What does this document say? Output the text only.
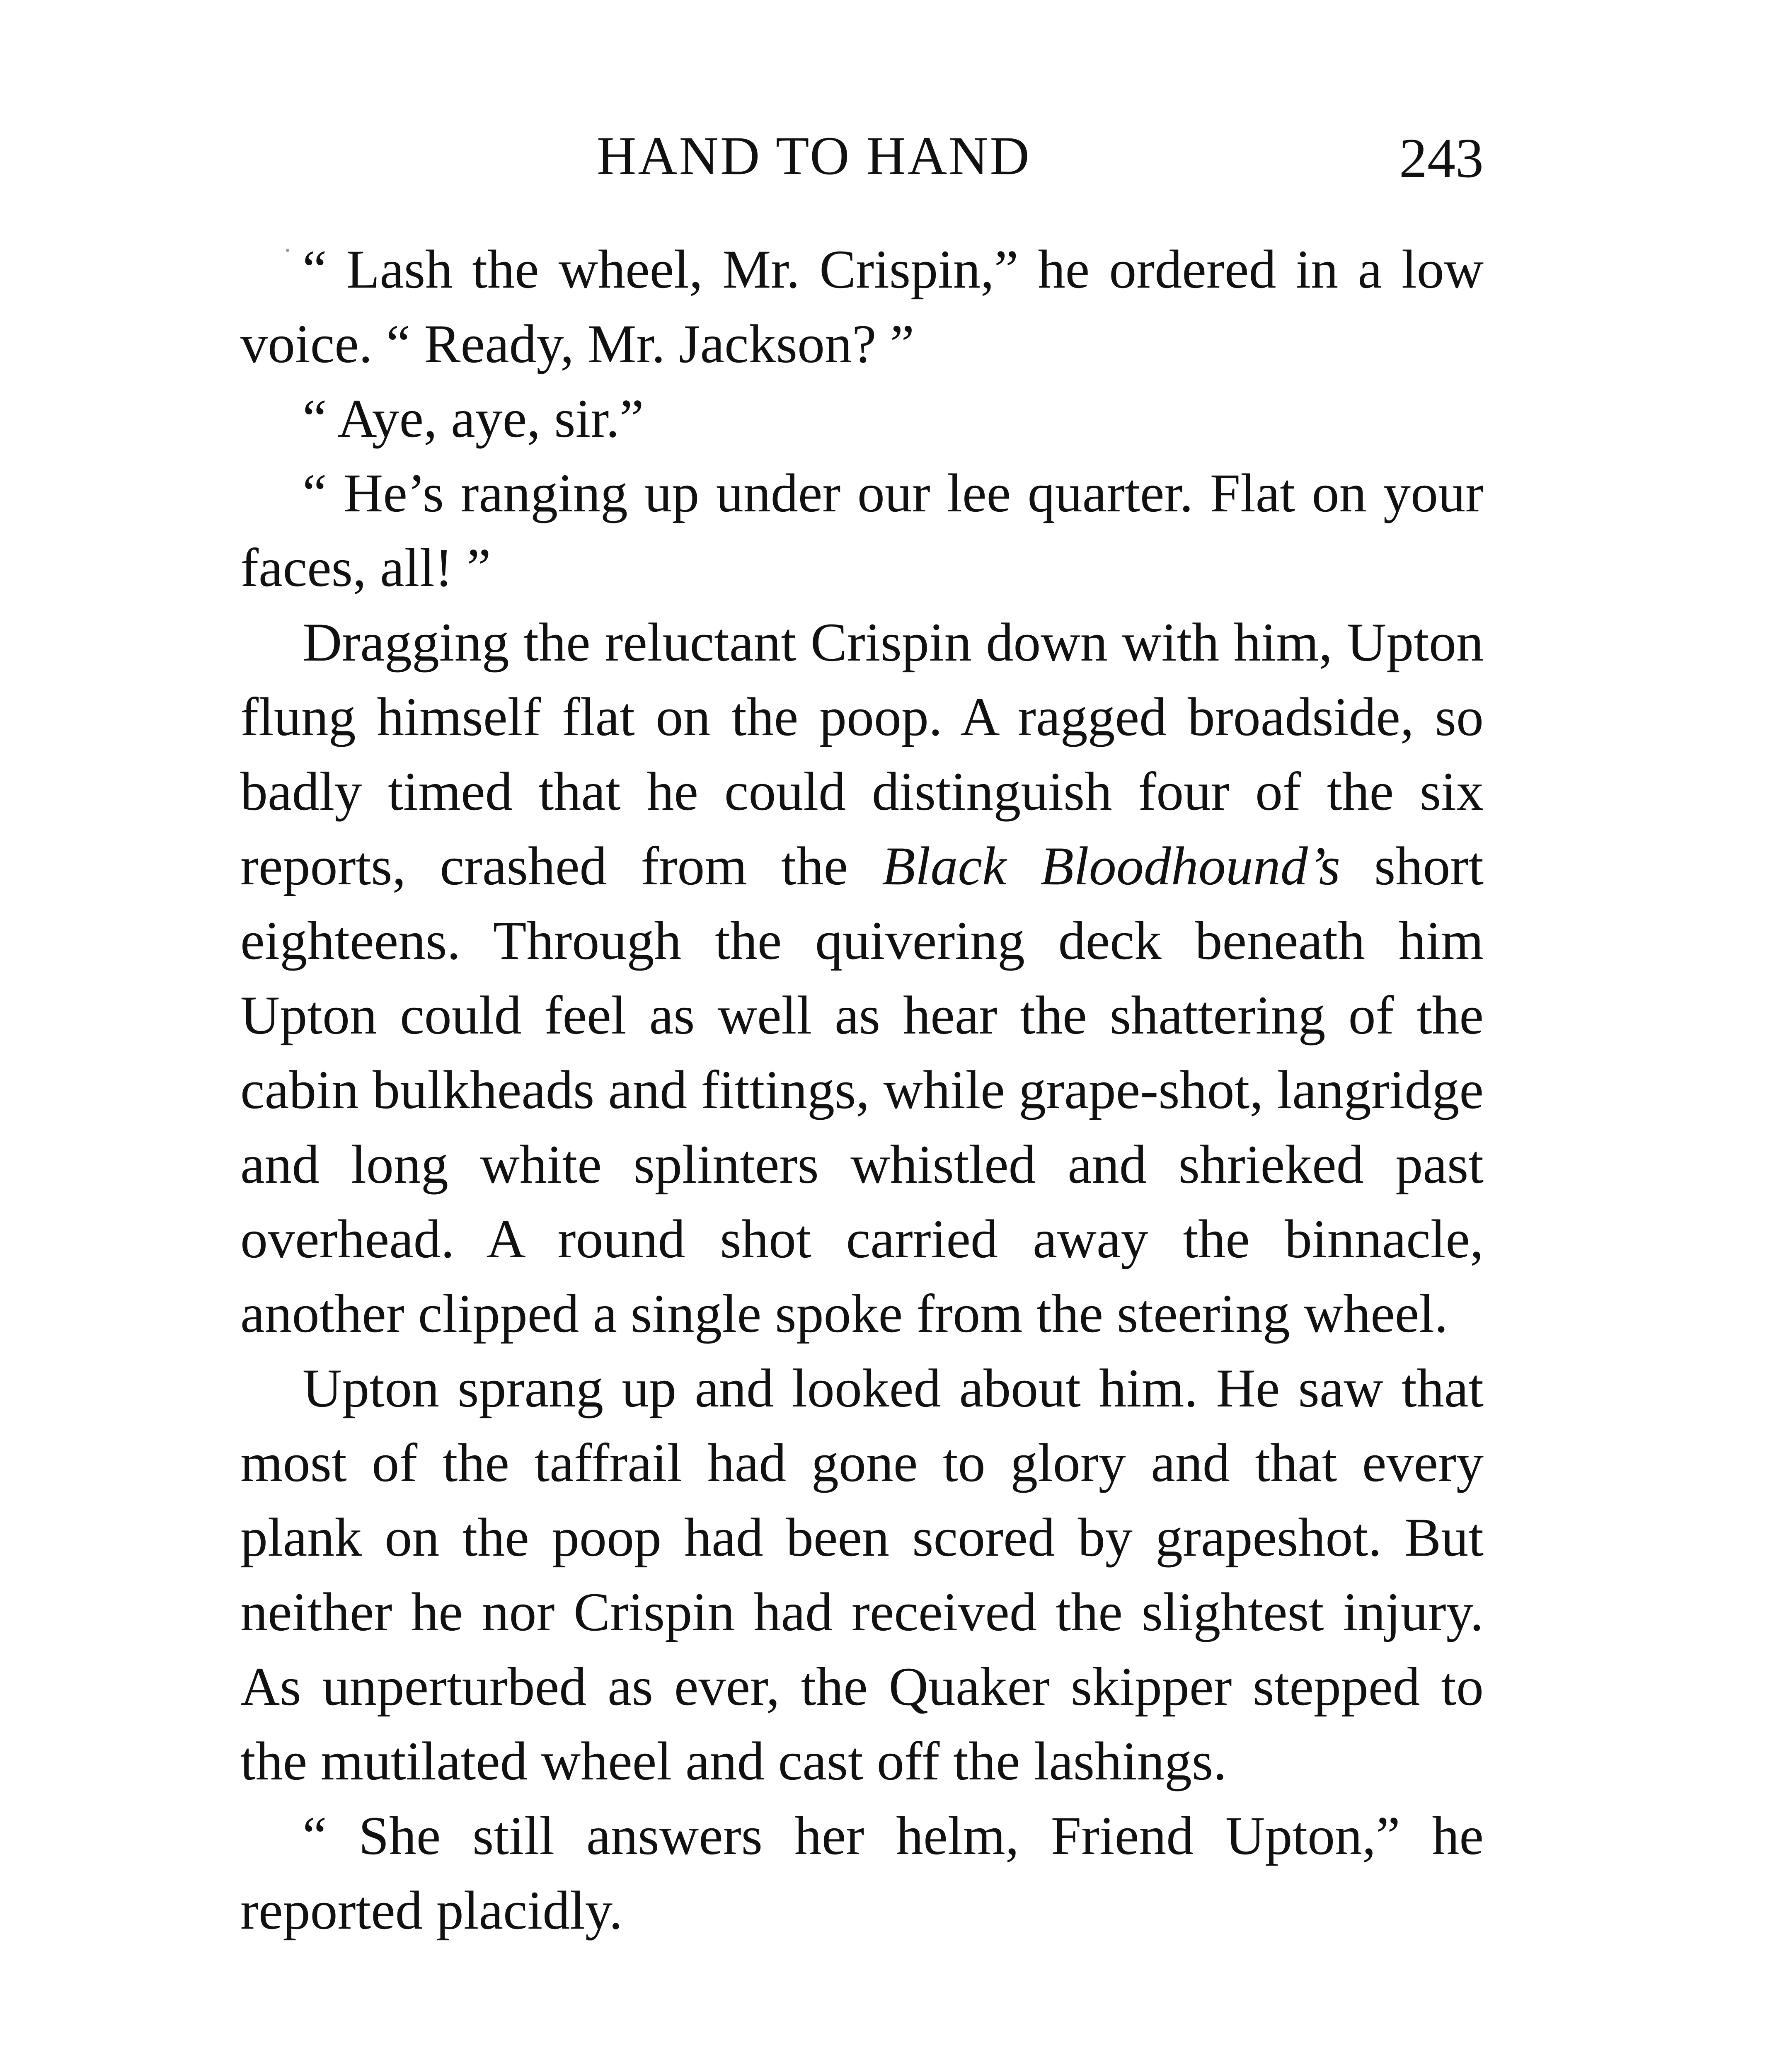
HAND TO HAND	243

“ Lash the wheel, Mr. Crispin,” he ordered in a low voice. “ Ready, Mr. Jackson? ”

“ Aye, aye, sir.”

“ He’s ranging up under our lee quarter. Flat on your faces, all! ”

Dragging the reluctant Crispin down with him, Upton flung himself flat on the poop. A ragged broadside, so badly timed that he could distinguish four of the six reports, crashed from the Black Bloodhound’s short eighteens. Through the quivering deck beneath him Upton could feel as well as hear the shattering of the cabin bulkheads and fittings, while grape-shot, langridge and long white splinters whistled and shrieked past overhead. A round shot carried away the binnacle, another clipped a single spoke from the steering wheel.

Upton sprang up and looked about him. He saw that most of the taffrail had gone to glory and that every plank on the poop had been scored by grapeshot. But neither he nor Crispin had received the slightest injury. As unperturbed as ever, the Quaker skipper stepped to the mutilated wheel and cast off the lashings.

“ She still answers her helm, Friend Upton,” he reported placidly.
